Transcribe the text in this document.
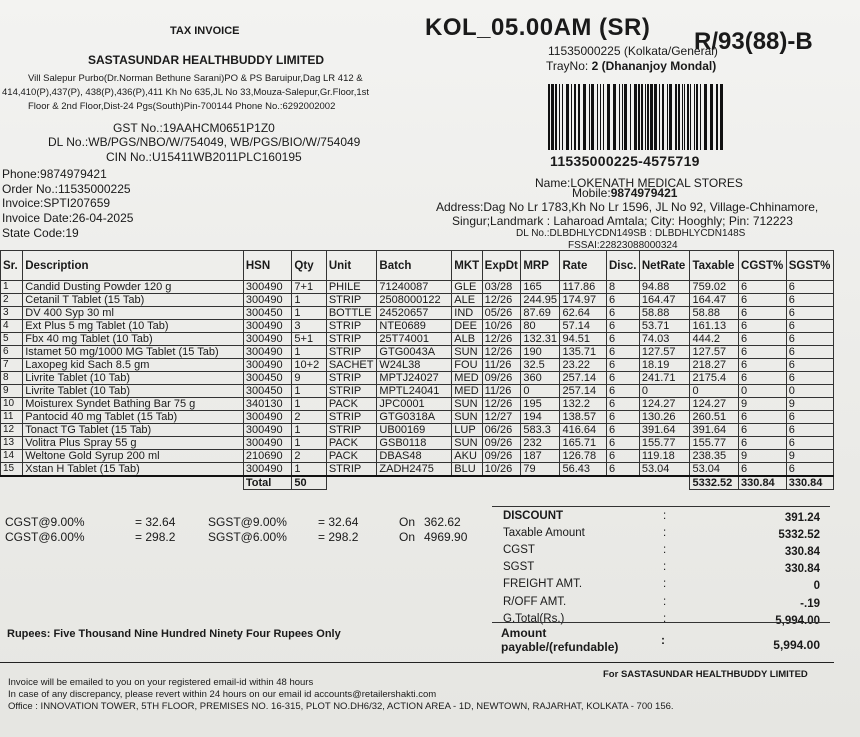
TAX INVOICE
SASTASUNDAR HEALTHBUDDY LIMITED
Vill Salepur Purbo(Dr.Norman Bethune Sarani)PO & PS Baruipur,Dag LR 412 &
414,410(P),437(P), 438(P),436(P),411 Kh No 635,JL No 33,Mouza-Salepur,Gr.Floor,1st
Floor & 2nd Floor,Dist-24 Pgs(South)Pin-700144 Phone No.:6292002002
GST No.:19AAHCM0651P1Z0
DL No.:WB/PGS/NBO/W/754049, WB/PGS/BIO/W/754049
CIN No.:U15411WB2011PLC160195
Phone:9874979421
Order No.:11535000225
Invoice:SPTI207659
Invoice Date:26-04-2025
State Code:19
KOL_05.00AM (SR)
R/93(88)-B
11535000225 (Kolkata/General)
TrayNo: 2 (Dhananjoy Mondal)
11535000225-4575719
Name:LOKENATH MEDICAL STORES
Mobile:9874979421
Address:Dag No Lr 1783,Kh No Lr 1596, JL No 92, Village-Chhinamore,
Singur;Landmark : Laharoad Amtala; City: Hooghly; Pin: 712223
DL No.:DLBDHLYCDN149SB : DLBDHLYCDN148S
FSSAI:22823088000324
Sr.	Description	HSN	Qty	Unit	Batch	MKT	ExpDt	MRP	Rate	Disc.	NetRate	Taxable	CGST%	SGST%
1	Candid Dusting Powder 120 g	300490	7+1	PHILE	71240087	GLE	03/28	165	117.86	8	94.88	759.02	6	6
2	Cetanil T Tablet (15 Tab)	300490	1	STRIP	2508000122	ALE	12/26	244.95	174.97	6	164.47	164.47	6	6
3	DV 400 Syp 30 ml	300450	1	BOTTLE	24520657	IND	05/26	87.69	62.64	6	58.88	58.88	6	6
4	Ext Plus 5 mg Tablet (10 Tab)	300490	3	STRIP	NTE0689	DEE	10/26	80	57.14	6	53.71	161.13	6	6
5	Fbx 40 mg Tablet (10 Tab)	300490	5+1	STRIP	25T74001	ALB	12/26	132.31	94.51	6	74.03	444.2	6	6
6	Istamet 50 mg/1000 MG Tablet (15 Tab)	300490	1	STRIP	GTG0043A	SUN	12/26	190	135.71	6	127.57	127.57	6	6
7	Laxopeg kid Sach 8.5 gm	300490	10+2	SACHET	W24L38	FOU	11/26	32.5	23.22	6	18.19	218.27	6	6
8	Livrite Tablet (10 Tab)	300450	9	STRIP	MPTJ24027	MED	09/26	360	257.14	6	241.71	2175.4	6	6
9	Livrite Tablet (10 Tab)	300450	1	STRIP	MPTL24041	MED	11/26	0	257.14	6	0	0	0	0
10	Moisturex Syndet Bathing Bar 75 g	340130	1	PACK	JPC0001	SUN	12/26	195	132.2	6	124.27	124.27	9	9
11	Pantocid 40 mg Tablet (15 Tab)	300490	2	STRIP	GTG0318A	SUN	12/27	194	138.57	6	130.26	260.51	6	6
12	Tonact TG Tablet (15 Tab)	300490	1	STRIP	UB00169	LUP	06/26	583.3	416.64	6	391.64	391.64	6	6
13	Volitra Plus Spray 55 g	300490	1	PACK	GSB0118	SUN	09/26	232	165.71	6	155.77	155.77	6	6
14	Weltone Gold Syrup 200 ml	210690	2	PACK	DBAS48	AKU	09/26	187	126.78	6	119.18	238.35	9	9
15	Xstan H Tablet (15 Tab)	300490	1	STRIP	ZADH2475	BLU	10/26	79	56.43	6	53.04	53.04	6	6
		Total	50									5332.52	330.84	330.84
CGST@9.00%	= 32.64	SGST@9.00%	= 32.64	On 362.62
CGST@6.00%	= 298.2	SGST@6.00%	= 298.2	On 4969.90
DISCOUNT	:	391.24
Taxable Amount	:	5332.52
CGST	:	330.84
SGST	:	330.84
FREIGHT AMT.	:	0
R/OFF AMT.	:	-.19
G.Total(Rs.)	:	5,994.00
Amount
payable/(refundable)	:	5,994.00
Rupees: Five Thousand Nine Hundred Ninety Four Rupees Only
For SASTASUNDAR HEALTHBUDDY LIMITED
Invoice will be emailed to you on your registered email-id within 48 hours
In case of any discrepancy, please revert within 24 hours on our email id accounts@retailershakti.com
Office : INNOVATION TOWER, 5TH FLOOR, PREMISES NO. 16-315, PLOT NO.DH6/32, ACTION AREA - 1D, NEWTOWN, RAJARHAT, KOLKATA - 700 156.
